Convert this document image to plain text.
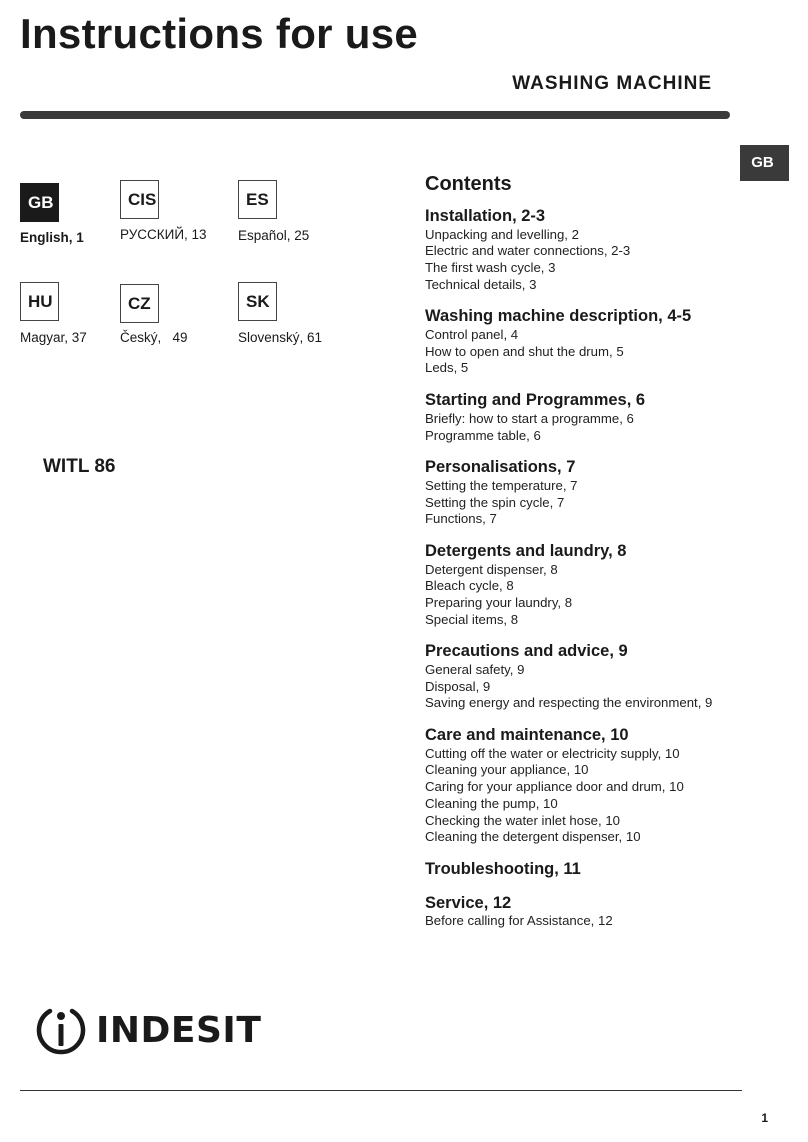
Instructions for use
WASHING MACHINE
GB
GB
English, 1
CIS
РУССКИЙ, 13
ES
Español, 25
HU
Magyar, 37
CZ
Český,   49
SK
Slovenský, 61
WITL 86
Contents
Installation, 2-3
Unpacking and levelling, 2
Electric and water connections, 2-3
The first wash cycle, 3
Technical details, 3
Washing machine description, 4-5
Control panel, 4
How to open and shut the drum, 5
Leds, 5
Starting and Programmes, 6
Briefly: how to start a programme, 6
Programme table, 6
Personalisations, 7
Setting the temperature, 7
Setting the spin cycle, 7
Functions, 7
Detergents and laundry, 8
Detergent dispenser, 8
Bleach cycle, 8
Preparing your laundry, 8
Special items, 8
Precautions and advice, 9
General safety, 9
Disposal, 9
Saving energy and respecting the environment, 9
Care and maintenance, 10
Cutting off the water or electricity supply, 10
Cleaning your appliance, 10
Caring for your appliance door and drum, 10
Cleaning the pump, 10
Checking the water inlet hose, 10
Cleaning the detergent dispenser, 10
Troubleshooting, 11
Service, 12
Before calling for Assistance, 12
INDESIT
1
